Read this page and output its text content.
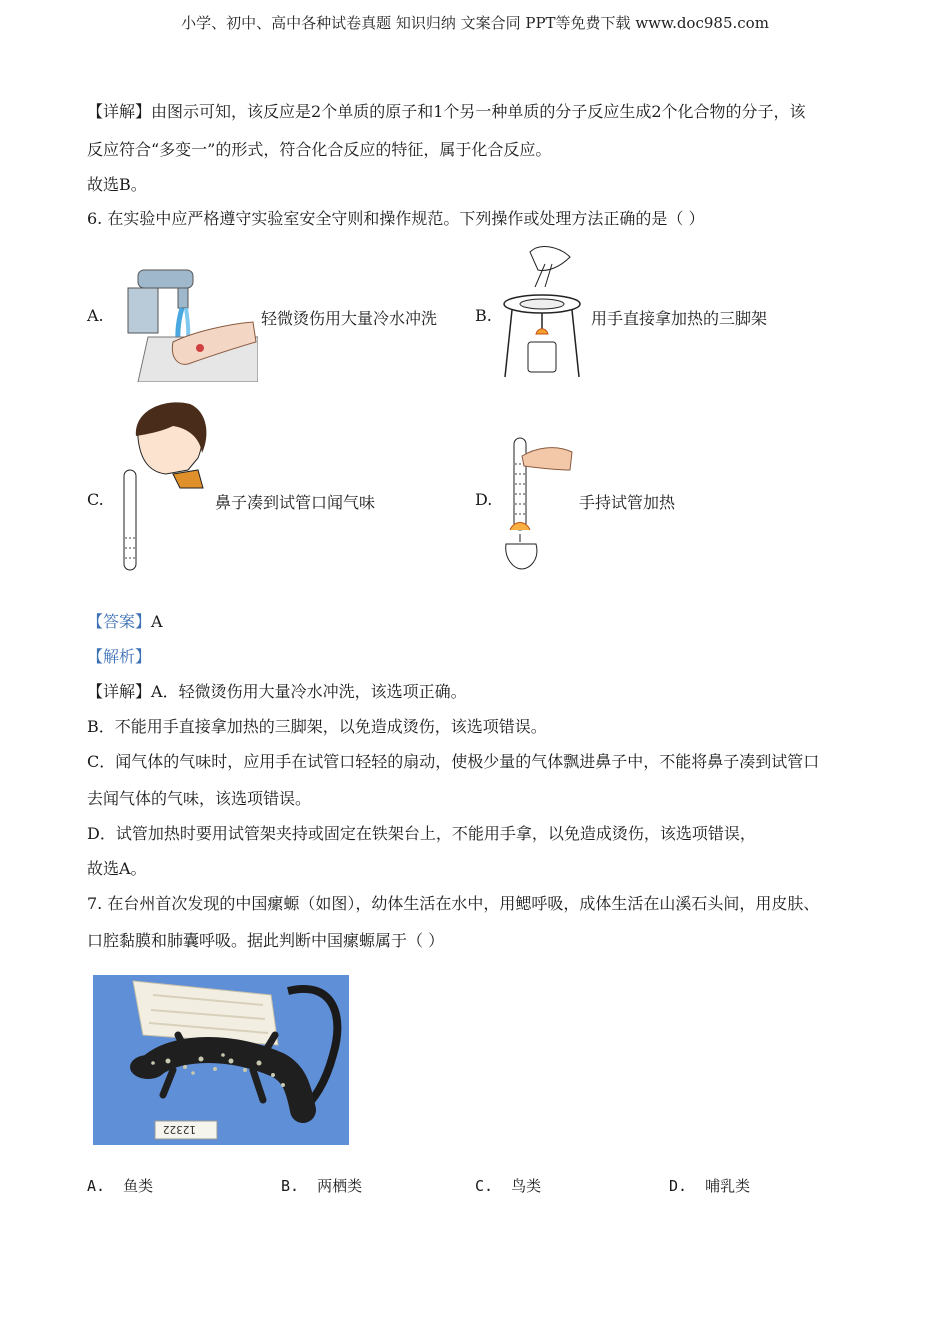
小学、初中、高中各种试卷真题 知识归纳 文案合同 PPT等免费下载 www.doc985.com
【详解】由图示可知，该反应是2个单质的原子和1个另一种单质的分子反应生成2个化合物的分子，该
反应符合“多变一”的形式，符合化合反应的特征，属于化合反应。
故选B。
6. 在实验中应严格遵守实验室安全守则和操作规范。下列操作或处理方法正确的是（ ）
A.	轻微烫伤用大量冷水冲洗 B.	用手直接拿加热的三脚架
C.	鼻子凑到试管口闻气味	D.	手持试管加热
【答案】A
【解析】
【详解】A．轻微烫伤用大量冷水冲洗，该选项正确。
B．不能用手直接拿加热的三脚架，以免造成烫伤，该选项错误。
C．闻气体的气味时，应用手在试管口轻轻的扇动，使极少量的气体飘进鼻子中，不能将鼻子凑到试管口
去闻气体的气味，该选项错误。
D．试管加热时要用试管架夹持或固定在铁架台上，不能用手拿，以免造成烫伤，该选项错误，
故选A。
7. 在台州首次发现的中国瘰螈（如图），幼体生活在水中，用鳃呼吸，成体生活在山溪石头间，用皮肤、
口腔黏膜和肺囊呼吸。据此判断中国瘰螈属于（ ）
12322
A. 鱼类	B. 两栖类	C. 鸟类	D. 哺乳类
